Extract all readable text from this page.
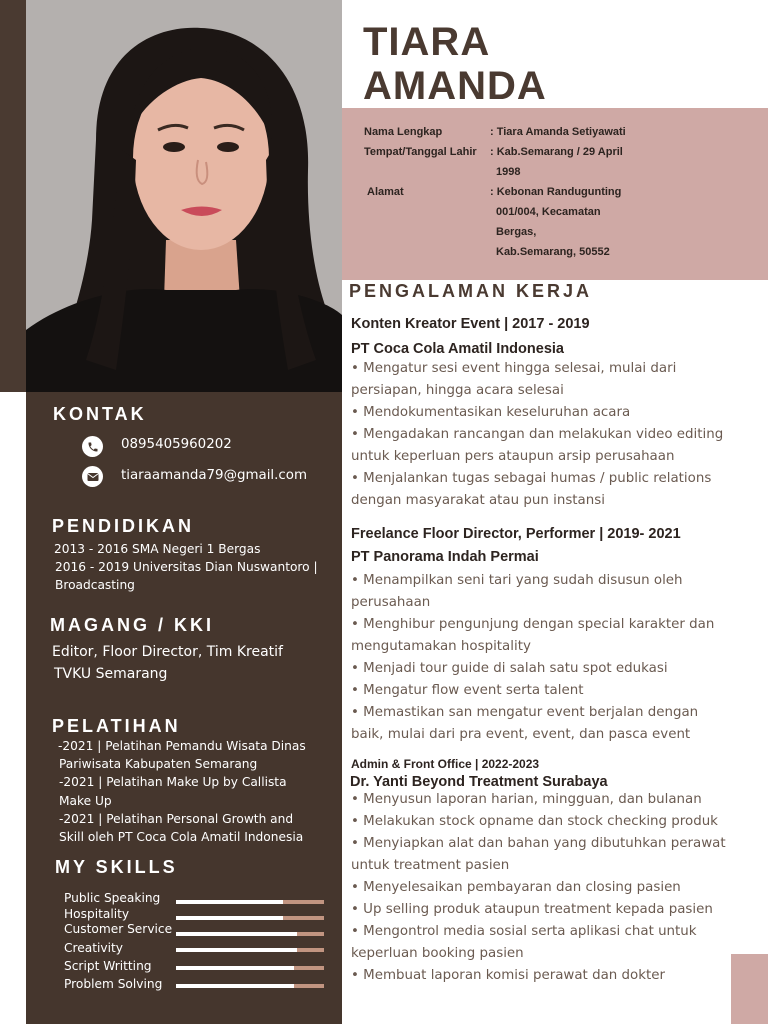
TIARA
AMANDA
Nama Lengkap	: Tiara Amanda Setiyawati
Tempat/Tanggal Lahir : Kab.Semarang / 29 April
1998
Alamat	: Kebonan Randugunting
001/004, Kecamatan
Bergas,
Kab.Semarang, 50552
PENGALAMAN KERJA
Konten Kreator Event | 2017 - 2019
PT Coca Cola Amatil Indonesia

• Mengatur sesi event hingga selesai, mulai dari

persiapan, hingga acara selesai

• Mendokumentasikan keseluruhan acara

• Mengadakan rancangan dan melakukan video editing

untuk keperluan pers ataupun arsip perusahaan

• Menjalankan tugas sebagai humas / public relations

dengan masyarakat atau pun instansi

Freelance Floor Director, Performer | 2019- 2021
PT Panorama Indah Permai

• Menampilkan seni tari yang sudah disusun oleh

perusahaan

• Menghibur pengunjung dengan special karakter dan

mengutamakan hospitality

• Menjadi tour guide di salah satu spot edukasi

• Mengatur flow event serta talent

• Memastikan san mengatur event berjalan dengan

baik, mulai dari pra event, event, dan pasca event

Admin & Front Office | 2022-2023
Dr. Yanti Beyond Treatment Surabaya

• Menyusun laporan harian, mingguan, dan bulanan

• Melakukan stock opname dan stock checking produk

• Menyiapkan alat dan bahan yang dibutuhkan perawat

untuk treatment pasien

• Menyelesaikan pembayaran dan closing pasien

• Up selling produk ataupun treatment kepada pasien

• Mengontrol media sosial serta aplikasi chat untuk

keperluan booking pasien

• Membuat laporan komisi perawat dan dokter

KONTAK
0895405960202
tiaraamanda79@gmail.com
PENDIDIKAN
2013 - 2016 SMA Negeri 1 Bergas
2016 - 2019 Universitas Dian Nuswantoro |
Broadcasting
MAGANG / KKI
Editor, Floor Director, Tim Kreatif
TVKU Semarang
PELATIHAN
-2021 | Pelatihan Pemandu Wisata Dinas
Pariwisata Kabupaten Semarang
-2021 | Pelatihan Make Up by Callista
Make Up
-2021 | Pelatihan Personal Growth and
Skill oleh PT Coca Cola Amatil Indonesia
MY SKILLS
Public Speaking
Hospitality
Customer Service
Creativity
Script Writting
Problem Solving
